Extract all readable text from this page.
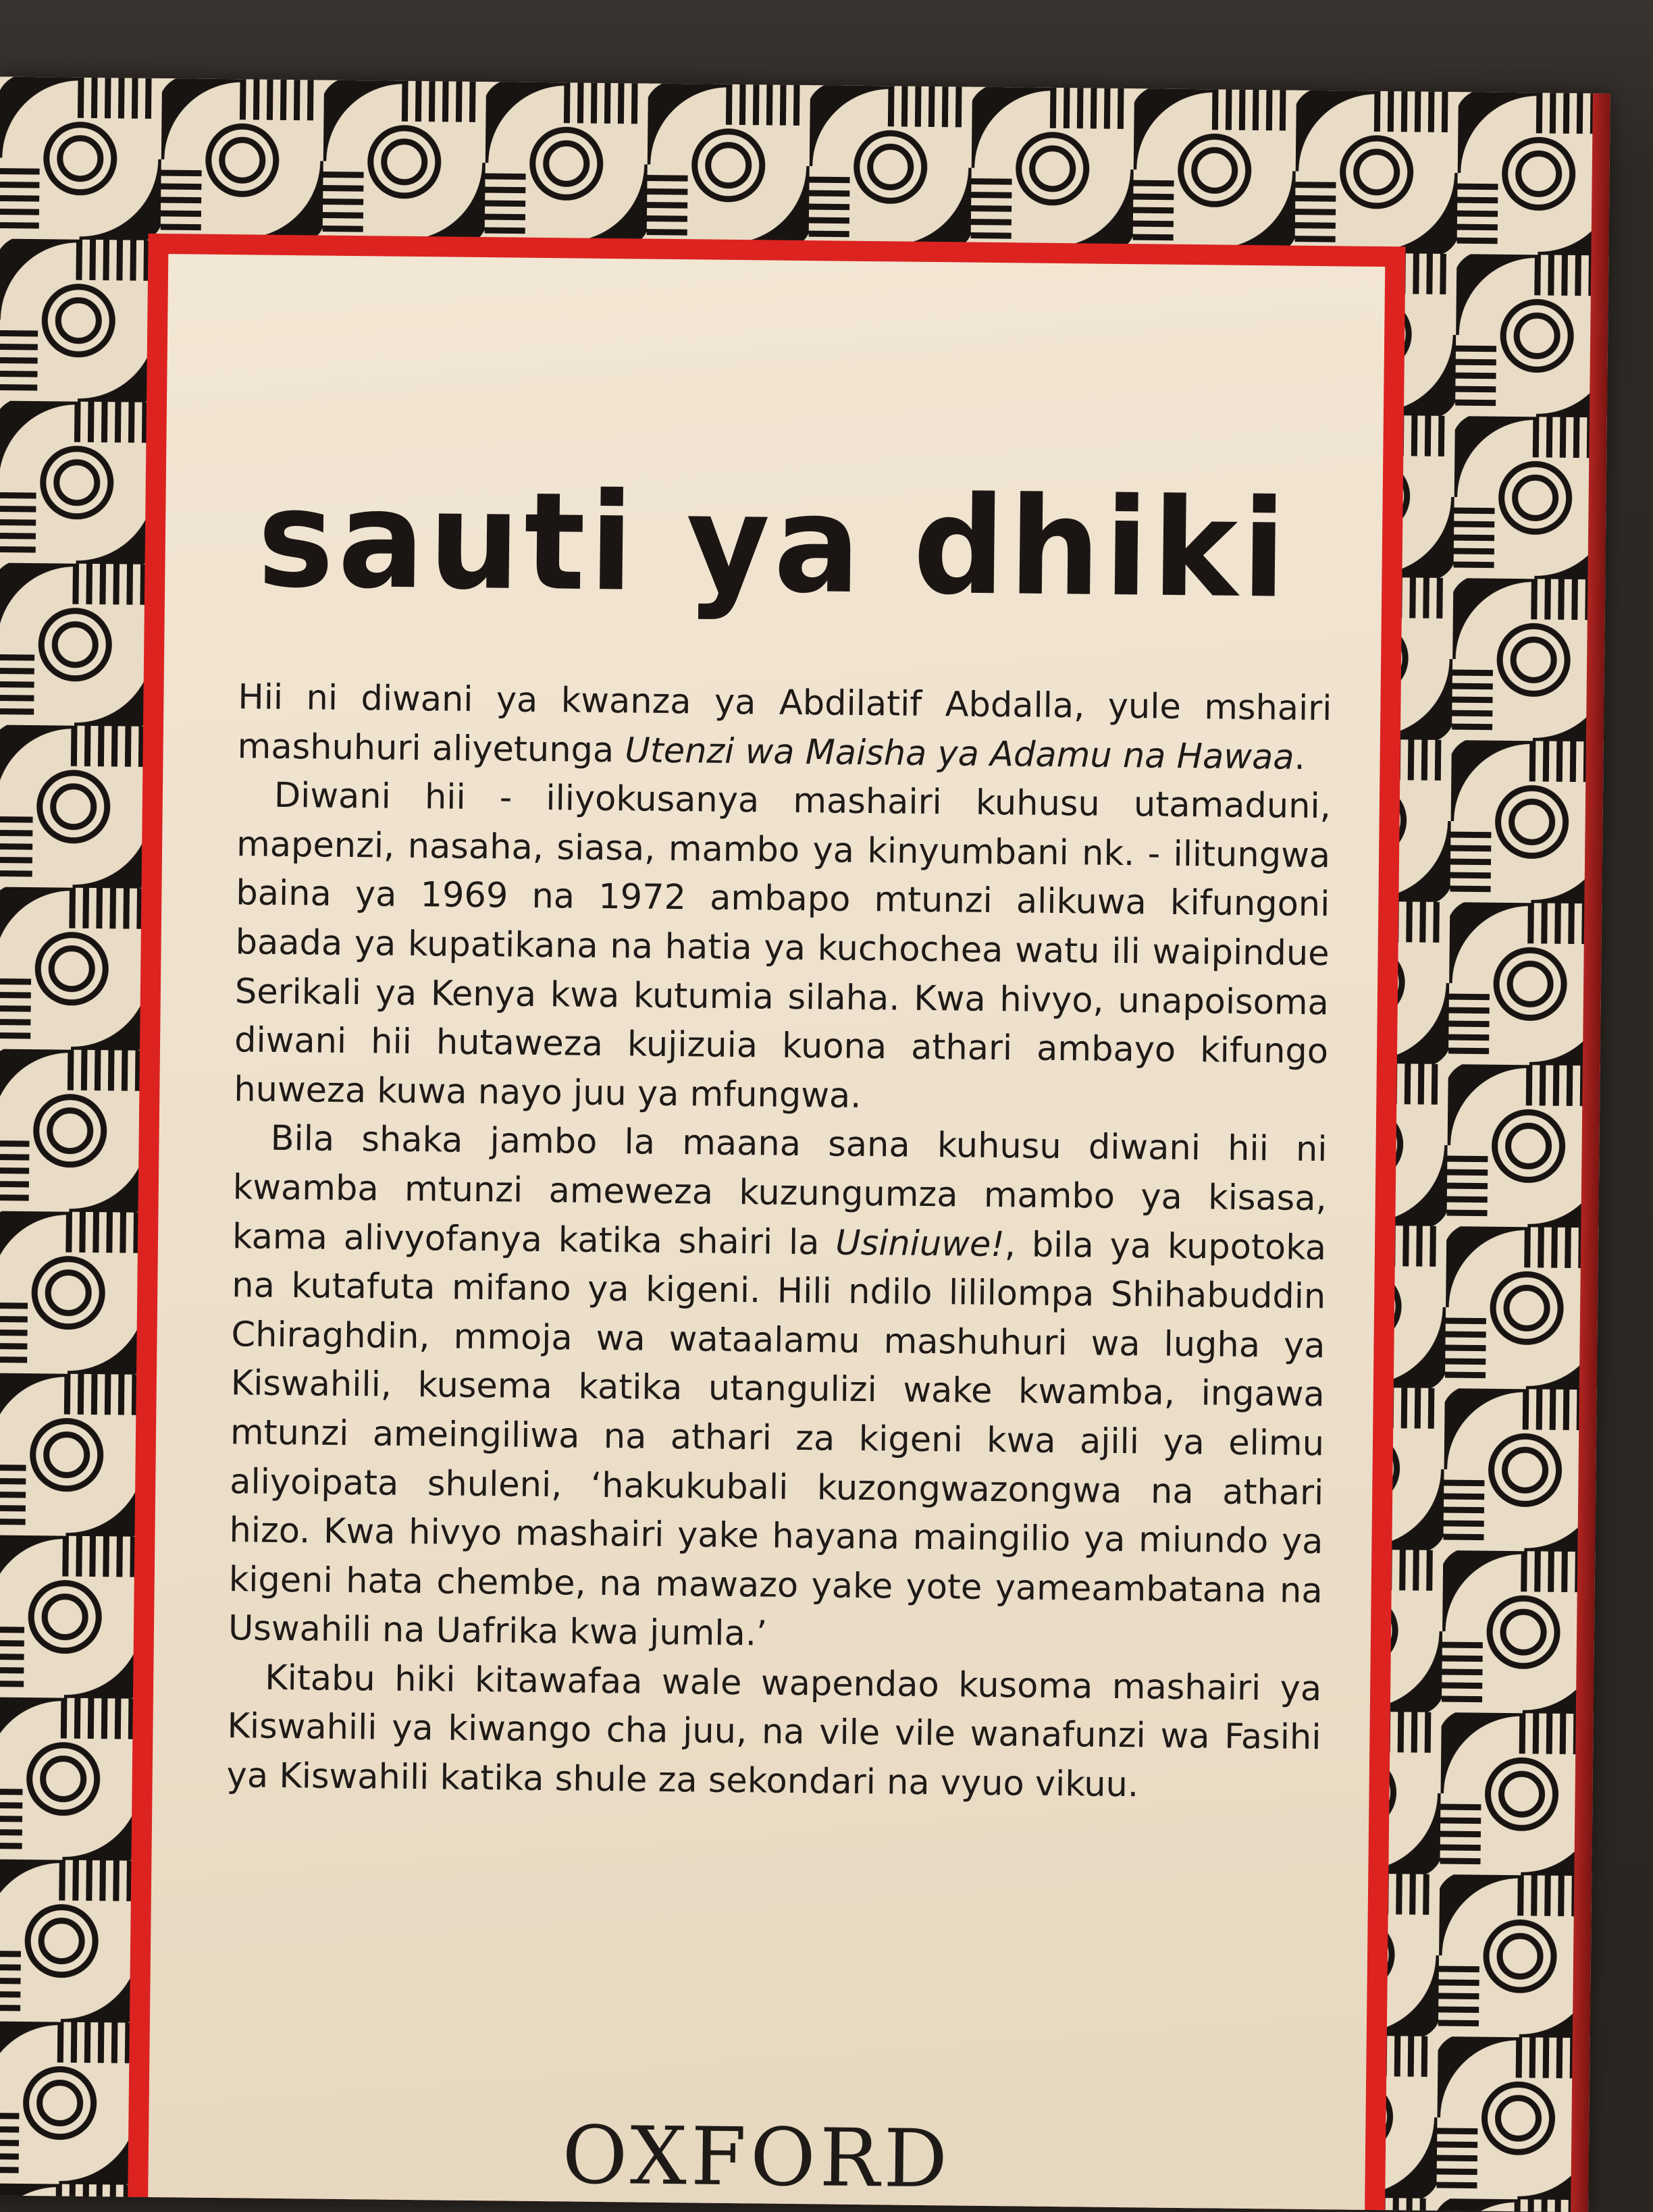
sauti ya dhiki

Hii ni diwani ya kwanza ya Abdilatif Abdalla, yule mshairi mashuhuri aliyetunga Utenzi wa Maisha ya Adamu na Hawaa.

Diwani hii - iliyokusanya mashairi kuhusu utamaduni, mapenzi, nasaha, siasa, mambo ya kinyumbani nk. - ilitungwa baina ya 1969 na 1972 ambapo mtunzi alikuwa kifungoni baada ya kupatikana na hatia ya kuchochea watu ili waipindue Serikali ya Kenya kwa kutumia silaha. Kwa hivyo, unapoisoma diwani hii hutaweza kujizuia kuona athari ambayo kifungo huweza kuwa nayo juu ya mfungwa.

Bila shaka jambo la maana sana kuhusu diwani hii ni kwamba mtunzi ameweza kuzungumza mambo ya kisasa, kama alivyofanya katika shairi la Usiniuwe!, bila ya kupotoka na kutafuta mifano ya kigeni. Hili ndilo lililompa Shihabuddin Chiraghdin, mmoja wa wataalamu mashuhuri wa lugha ya Kiswahili, kusema katika utangulizi wake kwamba, ingawa mtunzi ameingiliwa na athari za kigeni kwa ajili ya elimu aliyoipata shuleni, ‘hakukubali kuzongwazongwa na athari hizo. Kwa hivyo mashairi yake hayana maingilio ya miundo ya kigeni hata chembe, na mawazo yake yote yameambatana na Uswahili na Uafrika kwa jumla.’

Kitabu hiki kitawafaa wale wapendao kusoma mashairi ya Kiswahili ya kiwango cha juu, na vile vile wanafunzi wa Fasihi ya Kiswahili katika shule za sekondari na vyuo vikuu.

OXFORD
